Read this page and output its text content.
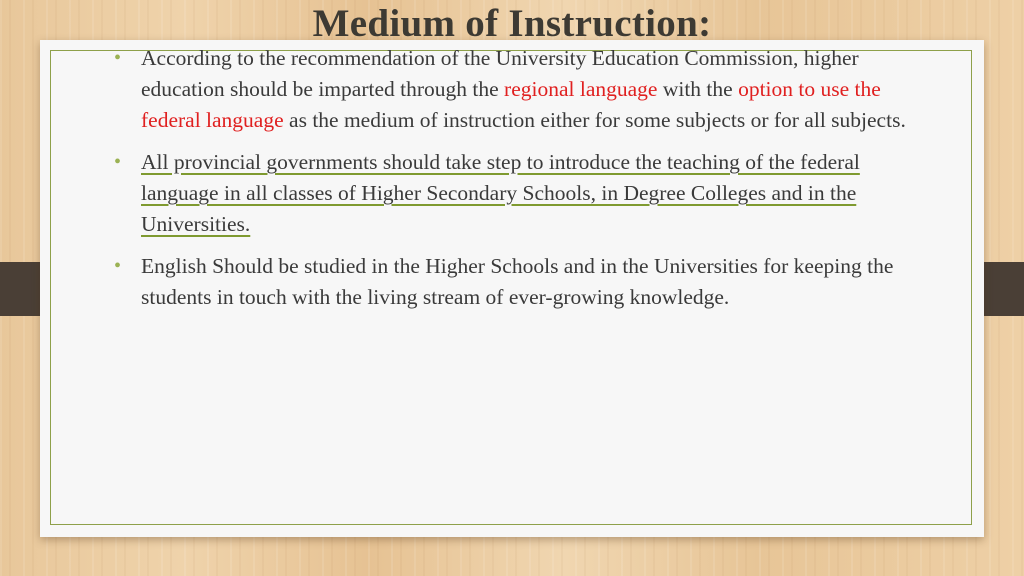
Medium of Instruction:
• According to the recommendation of the University Education Commission, higher education should be imparted through the regional language with the option to use the federal language as the medium of instruction either for some subjects or for all subjects.
• All provincial governments should take step to introduce the teaching of the federal language in all classes of Higher Secondary Schools, in Degree Colleges and in the Universities.
• English Should be studied in the Higher Schools and in the Universities for keeping the students in touch with the living stream of ever-growing knowledge.
